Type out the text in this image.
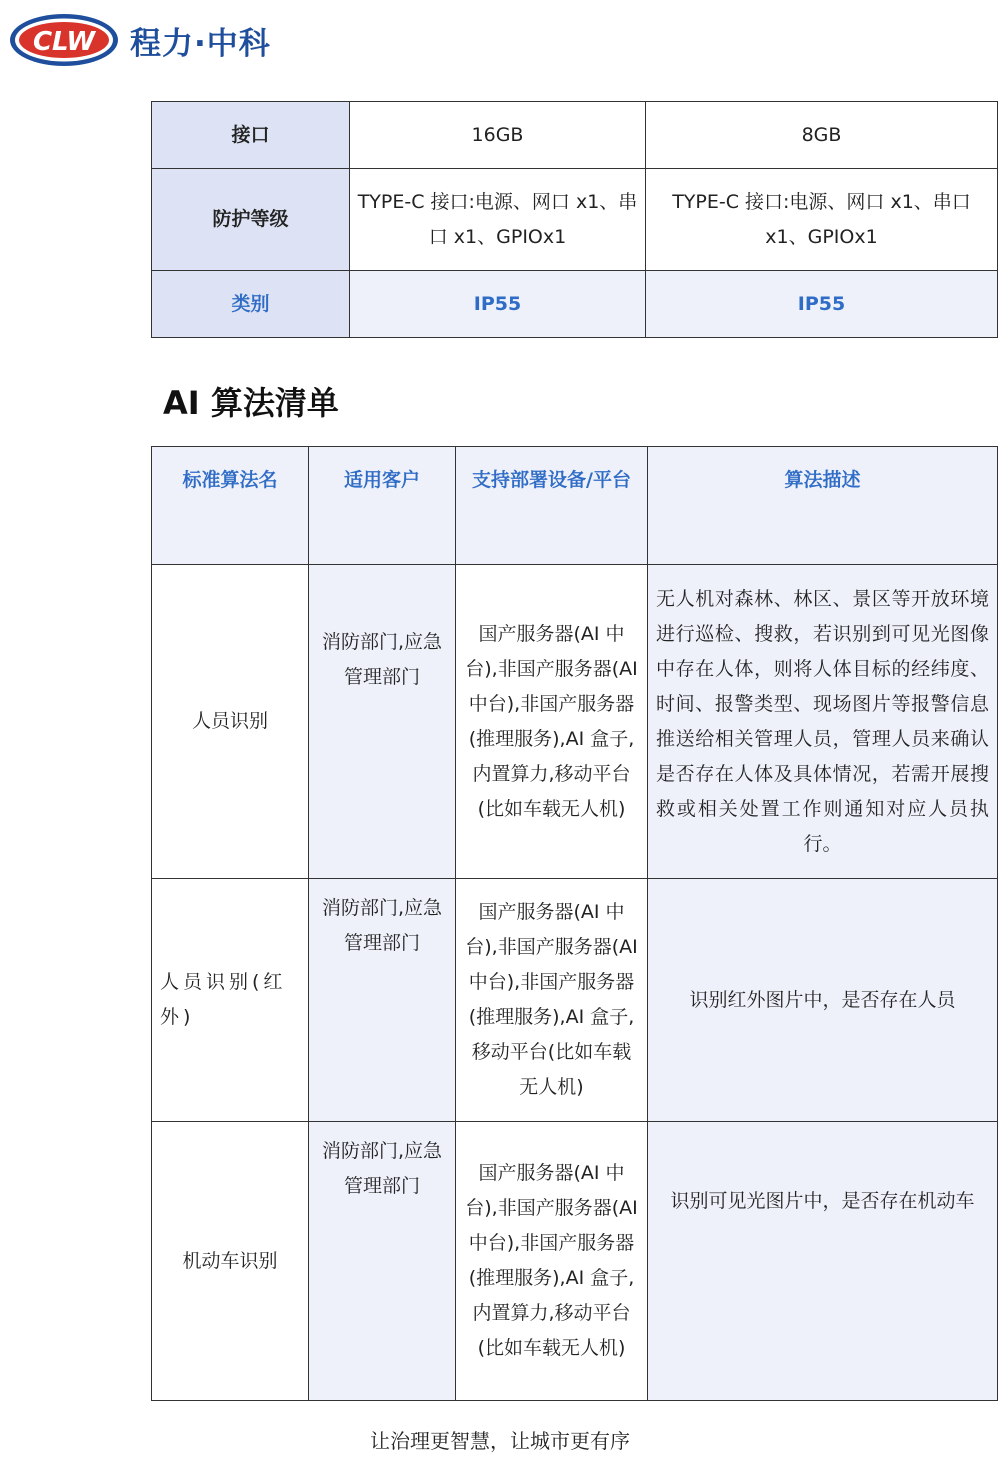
CLW 程力·中科
接口	16GB	8GB
防护等级	TYPE-C 接口:电源、网口 x1、串口 x1、GPIOx1	TYPE-C 接口:电源、网口 x1、串口 x1、GPIOx1
类别	IP55	IP55
AI 算法清单
标准算法名	适用客户	支持部署设备/平台	算法描述
人员识别	消防部门,应急管理部门	国产服务器(AI 中台),非国产服务器(AI 中台),非国产服务器(推理服务),AI 盒子,内置算力,移动平台(比如车载无人机)	无人机对森林、林区、景区等开放环境进行巡检、搜救，若识别到可见光图像中存在人体，则将人体目标的经纬度、时间、报警类型、现场图片等报警信息推送给相关管理人员，管理人员来确认是否存在人体及具体情况，若需开展搜救或相关处置工作则通知对应人员执行。
人员识别(红外)	消防部门,应急管理部门	国产服务器(AI 中台),非国产服务器(AI 中台),非国产服务器(推理服务),AI 盒子,移动平台(比如车载无人机)	识别红外图片中，是否存在人员
机动车识别	消防部门,应急管理部门	国产服务器(AI 中台),非国产服务器(AI 中台),非国产服务器(推理服务),AI 盒子,内置算力,移动平台(比如车载无人机)	识别可见光图片中，是否存在机动车
让治理更智慧，让城市更有序
